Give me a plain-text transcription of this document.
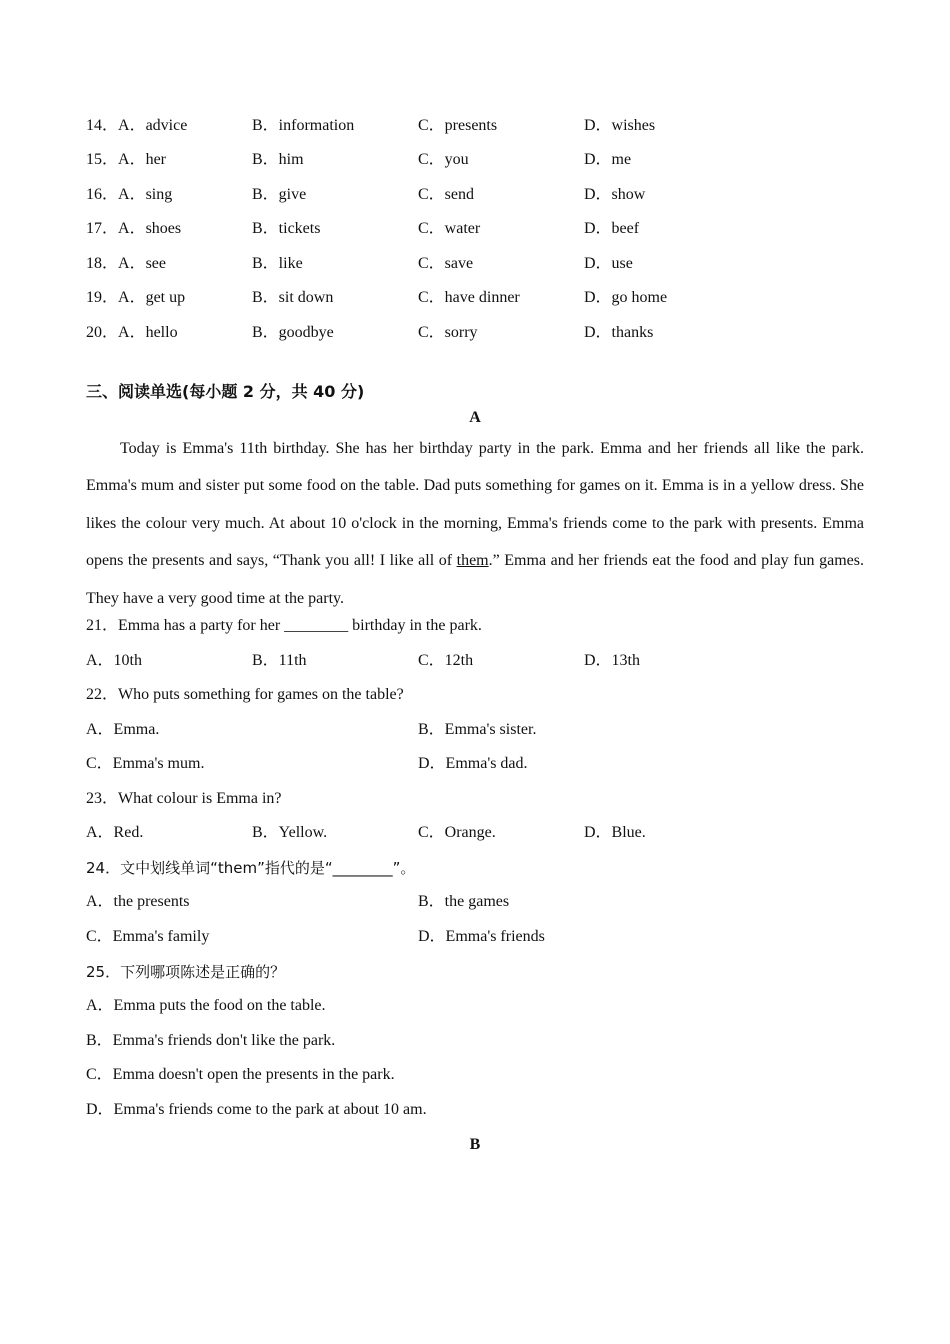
14．A．advice	B．information	C．presents	D．wishes
15．A．her	B．him	C．you	D．me
16．A．sing	B．give	C．send	D．show
17．A．shoes	B．tickets	C．water	D．beef
18．A．see	B．like	C．save	D．use
19．A．get up	B．sit down	C．have dinner	D．go home
20．A．hello	B．goodbye	C．sorry	D．thanks
三、阅读单选(每小题 2 分，共 40 分)
A
Today is Emma's 11th birthday. She has her birthday party in the park. Emma and her friends all like the park. Emma's mum and sister put some food on the table. Dad puts something for games on it. Emma is in a yellow dress. She likes the colour very much. At about 10 o'clock in the morning, Emma's friends come to the park with presents. Emma opens the presents and says, “Thank you all! I like all of them.” Emma and her friends eat the food and play fun games. They have a very good time at the party.
21．Emma has a party for her ________ birthday in the park.
A．10th	B．11th	C．12th	D．13th
22．Who puts something for games on the table?
A．Emma.	B．Emma's sister.
C．Emma's mum.	D．Emma's dad.
23．What colour is Emma in?
A．Red.	B．Yellow.	C．Orange.	D．Blue.
24．文中划线单词“them”指代的是“________”。
A．the presents	B．the games
C．Emma's family	D．Emma's friends
25．下列哪项陈述是正确的？
A．Emma puts the food on the table.
B．Emma's friends don't like the park.
C．Emma doesn't open the presents in the park.
D．Emma's friends come to the park at about 10 am.
B
